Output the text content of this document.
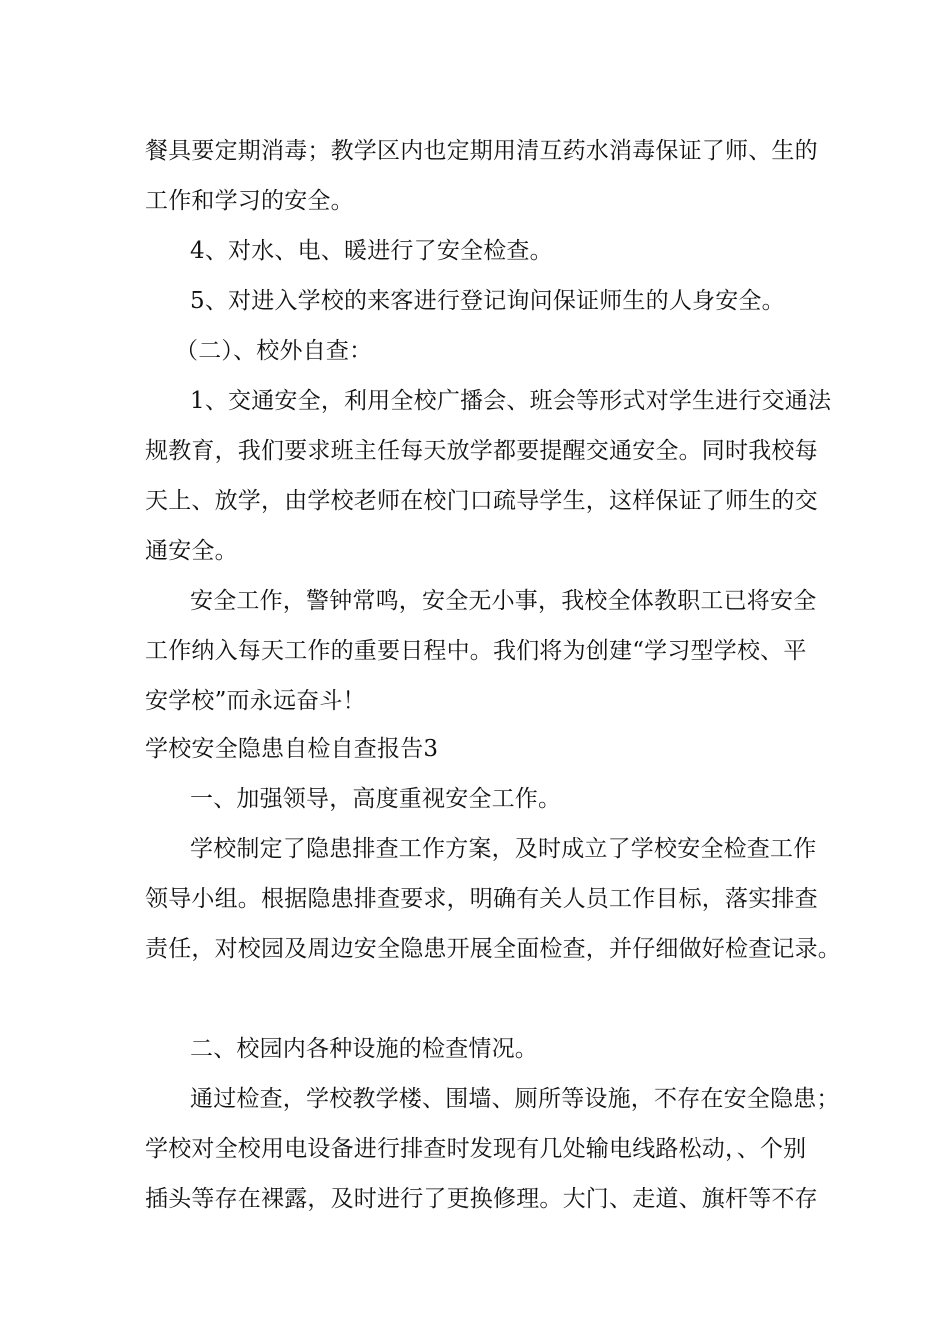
餐具要定期消毒；教学区内也定期用清互药水消毒保证了师、生的
工作和学习的安全。
4、对水、电、暖进行了安全检查。
5、对进入学校的来客进行登记询问保证师生的人身安全。
（二）、校外自查：
1、交通安全，利用全校广播会、班会等形式对学生进行交通法
规教育，我们要求班主任每天放学都要提醒交通安全。同时我校每
天上、放学，由学校老师在校门口疏导学生，这样保证了师生的交
通安全。
安全工作，警钟常鸣，安全无小事，我校全体教职工已将安全
工作纳入每天工作的重要日程中。我们将为创建“学习型学校、平
安学校”而永远奋斗！
学校安全隐患自检自查报告3
一、加强领导，高度重视安全工作。
学校制定了隐患排查工作方案，及时成立了学校安全检查工作
领导小组。根据隐患排查要求，明确有关人员工作目标，落实排查
责任，对校园及周边安全隐患开展全面检查，并仔细做好检查记录。
二、校园内各种设施的检查情况。
通过检查，学校教学楼、围墙、厕所等设施，不存在安全隐患；
学校对全校用电设备进行排查时发现有几处输电线路松动，、个别
插头等存在裸露，及时进行了更换修理。大门、走道、旗杆等不存
